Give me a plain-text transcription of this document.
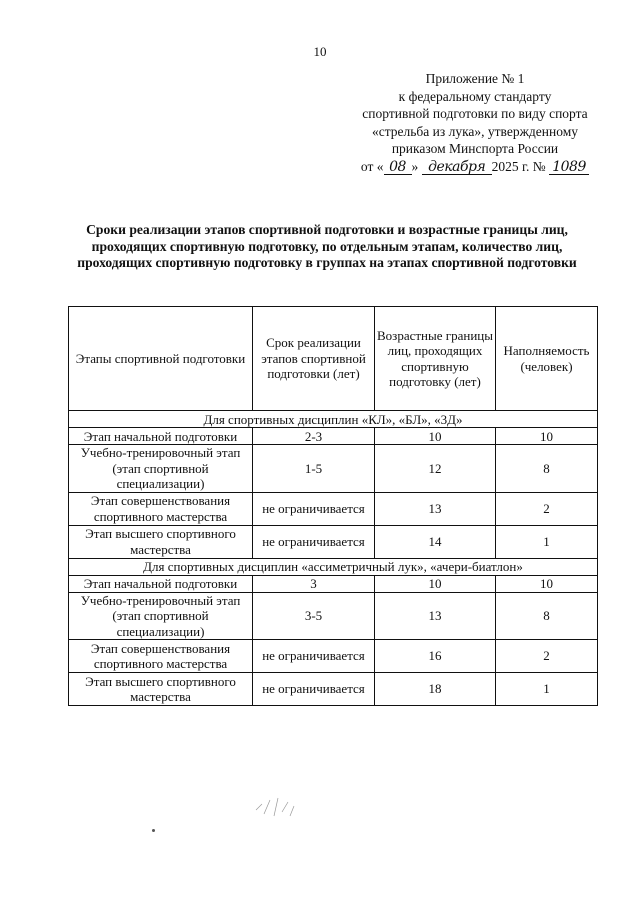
10
Приложение № 1
к федеральному стандарту
спортивной подготовки по виду спорта
«стрельба из лука», утвержденному
приказом Минспорта России
от « 08 » декабря 2025 г. № 1089
Сроки реализации этапов спортивной подготовки и возрастные границы лиц, проходящих спортивную подготовку, по отдельным этапам, количество лиц, проходящих спортивную подготовку в группах на этапах спортивной подготовки
Этапы спортивной подготовки	Срок реализации этапов спортивной подготовки (лет)	Возрастные границы лиц, проходящих спортивную подготовку (лет)	Наполняемость (человек)
Для спортивных дисциплин «КЛ», «БЛ», «3Д»			
Этап начальной подготовки	2-3	10	10
Учебно-тренировочный этап (этап спортивной специализации)	1-5	12	8
Этап совершенствования спортивного мастерства	не ограничивается	13	2
Этап высшего спортивного мастерства	не ограничивается	14	1
Для спортивных дисциплин «ассиметричный лук», «ачери-биатлон»			
Этап начальной подготовки	3	10	10
Учебно-тренировочный этап (этап спортивной специализации)	3-5	13	8
Этап совершенствования спортивного мастерства	не ограничивается	16	2
Этап высшего спортивного мастерства	не ограничивается	18	1
